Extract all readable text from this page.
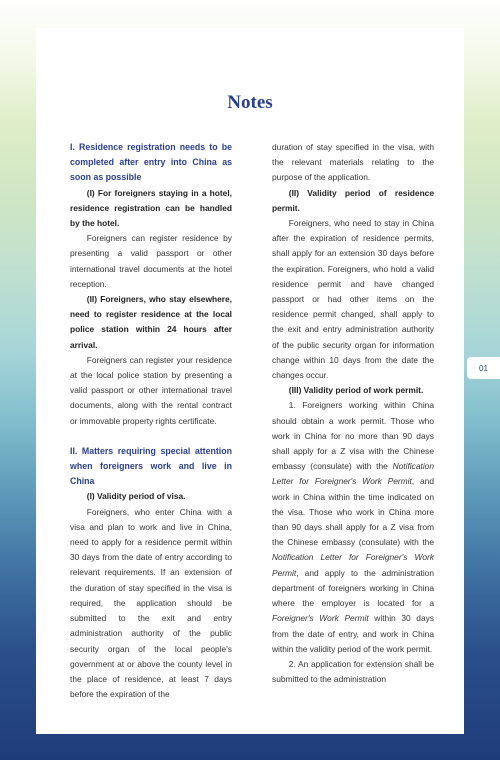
Notes

I. Residence registration needs to be completed after entry into China as soon as possible

(I) For foreigners staying in a hotel, residence registration can be handled by the hotel.

Foreigners can register residence by presenting a valid passport or other international travel documents at the hotel reception.

(II) Foreigners, who stay elsewhere, need to register residence at the local police station within 24 hours after arrival.

Foreigners can register your residence at the local police station by presenting a valid passport or other international travel documents, along with the rental contract or immovable property rights certificate.

II. Matters requiring special attention when foreigners work and live in China

(I) Validity period of visa.

Foreigners, who enter China with a visa and plan to work and live in China, need to apply for a residence permit within 30 days from the date of entry according to relevant requirements. If an extension of the duration of stay specified in the visa is required, the application should be submitted to the exit and entry administration authority of the public security organ of the local people's government at or above the county level in the place of residence, at least 7 days before the expiration of the

duration of stay specified in the visa, with the relevant materials relating to the purpose of the application.

(II) Validity period of residence permit.

Foreigners, who need to stay in China after the expiration of residence permits, shall apply for an extension 30 days before the expiration. Foreigners, who hold a valid residence permit and have changed passport or had other items on the residence permit changed, shall apply to the exit and entry administration authority of the public security organ for information change within 10 days from the date the changes occur.

(III) Validity period of work permit.

1. Foreigners working within China should obtain a work permit. Those who work in China for no more than 90 days shall apply for a Z visa with the Chinese embassy (consulate) with the Notification Letter for Foreigner's Work Permit, and work in China within the time indicated on the visa. Those who work in China more than 90 days shall apply for a Z visa from the Chinese embassy (consulate) with the Notification Letter for Foreigner's Work Permit, and apply to the administration department of foreigners working in China where the employer is located for a Foreigner's Work Permit within 30 days from the date of entry, and work in China within the validity period of the work permit.

2. An application for extension shall be submitted to the administration

01
